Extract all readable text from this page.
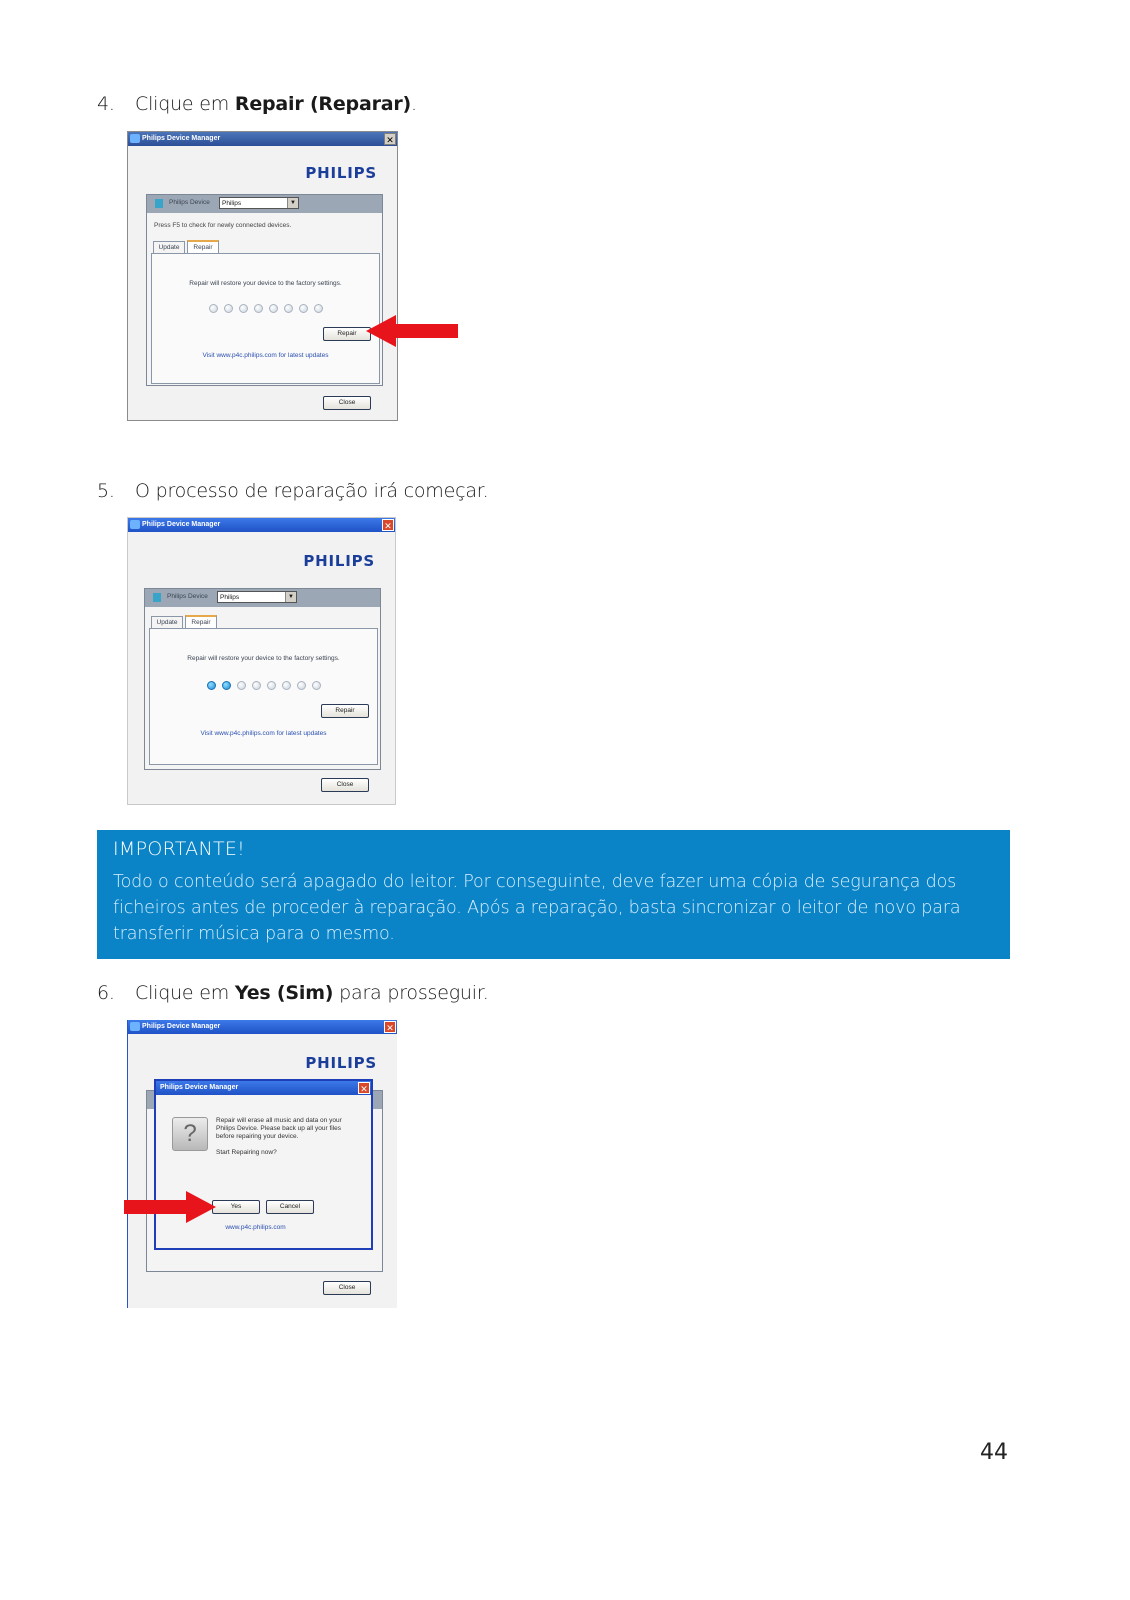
4. Clique em Repair (Reparar).
Philips Device Manager	✕
PHILIPS
Philips Device	Philips	▼
Press F5 to check for newly connected devices.
Update	Repair
Repair will restore your device to the factory settings.
Repair
Visit www.p4c.philips.com for latest updates
Close
5. O processo de reparação irá começar.
Philips Device Manager	✕
PHILIPS
Philips Device	Philips	▼
Update	Repair
Repair will restore your device to the factory settings.
Repair
Visit www.p4c.philips.com for latest updates
Close
IMPORTANTE!
Todo o conteúdo será apagado do leitor. Por conseguinte, deve fazer uma cópia de segurança dos ficheiros antes de proceder à reparação. Após a reparação, basta sincronizar o leitor de novo para transferir música para o mesmo.
6. Clique em Yes (Sim) para prosseguir.
Philips Device Manager	✕
PHILIPS
Close
Philips Device Manager	✕
?	Repair will erase all music and data on your
Philips Device. Please back up all your files
before repairing your device.
Start Repairing now?
Yes	Cancel
www.p4c.philips.com
44
